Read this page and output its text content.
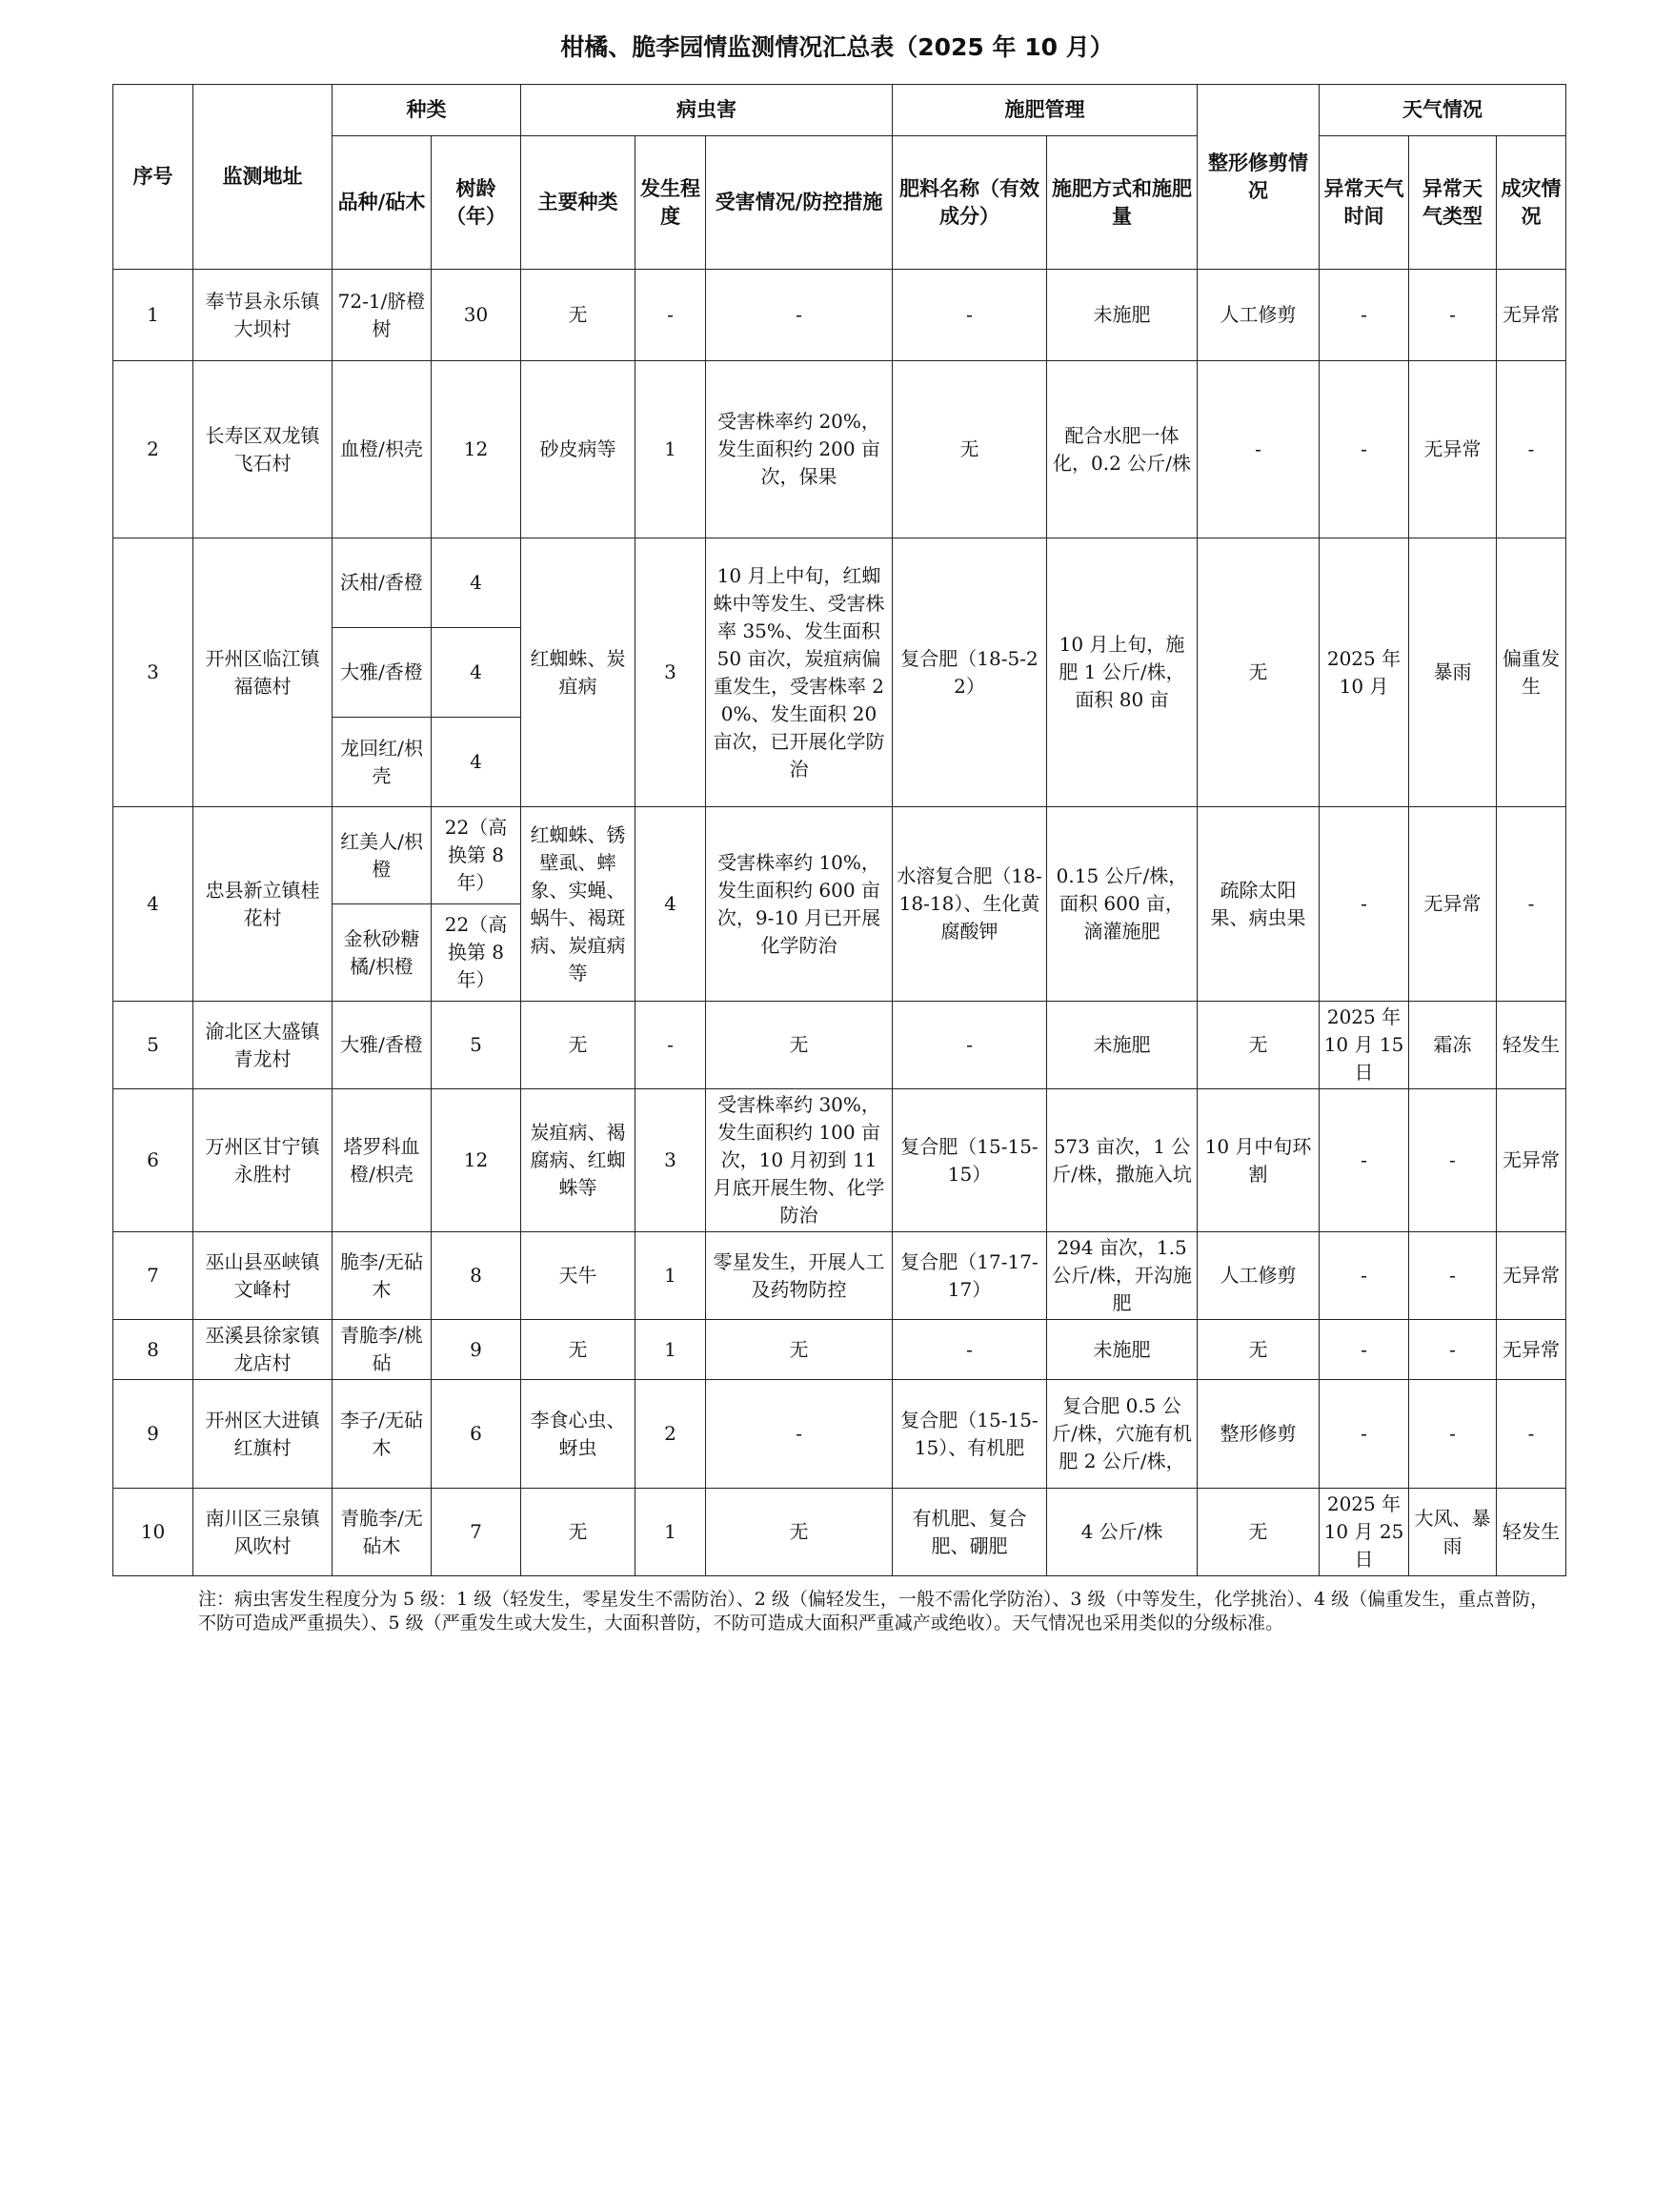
柑橘、脆李园情监测情况汇总表（2025 年 10 月）
序号	监测地址	种类		病虫害			施肥管理		整形修剪情况	天气情况		
		品种/砧木	树龄（年）	主要种类	发生程度	受害情况/防控措施	肥料名称（有效成分）	施肥方式和施肥量		异常天气时间	异常天气类型	成灾情况
1	奉节县永乐镇大坝村	72-1/脐橙树	30	无	-	-	-	未施肥	人工修剪	-	-	无异常
2	长寿区双龙镇飞石村	血橙/枳壳	12	砂皮病等	1	受害株率约 20%，发生面积约 200 亩次，保果	无	配合水肥一体化，0.2 公斤/株	-	-	无异常	-
3	开州区临江镇福德村	沃柑/香橙	4	红蜘蛛、炭疽病	3	10 月上中旬，红蜘蛛中等发生、受害株率 35%、发生面积 50 亩次，炭疽病偏重发生，受害株率 20%、发生面积 20 亩次，已开展化学防治	复合肥（18-5-22）	10 月上旬，施肥 1 公斤/株，面积 80 亩	无	2025 年 10 月	暴雨	偏重发生
		大雅/香橙	4									
		龙回红/枳壳	4									
4	忠县新立镇桂花村	红美人/枳橙	22（高换第 8 年）	红蜘蛛、锈壁虱、蟀象、实蝇、蜗牛、褐斑病、炭疽病等	4	受害株率约 10%，发生面积约 600 亩次，9-10 月已开展化学防治	水溶复合肥（18-18-18）、生化黄腐酸钾	0.15 公斤/株，面积 600 亩，滴灌施肥	疏除太阳果、病虫果	-	无异常	-
		金秋砂糖橘/枳橙	22（高换第 8 年）									
5	渝北区大盛镇青龙村	大雅/香橙	5	无	-	无	-	未施肥	无	2025 年 10 月 15 日	霜冻	轻发生
6	万州区甘宁镇永胜村	塔罗科血橙/枳壳	12	炭疽病、褐腐病、红蜘蛛等	3	受害株率约 30%，发生面积约 100 亩次，10 月初到 11 月底开展生物、化学防治	复合肥（15-15-15）	573 亩次，1 公斤/株，撒施入坑	10 月中旬环割	-	-	无异常
7	巫山县巫峡镇文峰村	脆李/无砧木	8	天牛	1	零星发生，开展人工及药物防控	复合肥（17-17-17）	294 亩次，1.5 公斤/株，开沟施肥	人工修剪	-	-	无异常
8	巫溪县徐家镇龙店村	青脆李/桃砧	9	无	1	无	-	未施肥	无	-	-	无异常
9	开州区大进镇红旗村	李子/无砧木	6	李食心虫、蚜虫	2	-	复合肥（15-15-15）、有机肥	复合肥 0.5 公斤/株，穴施有机肥 2 公斤/株，	整形修剪	-	-	-
10	南川区三泉镇风吹村	青脆李/无砧木	7	无	1	无	有机肥、复合肥、硼肥	4 公斤/株	无	2025 年 10 月 25 日	大风、暴雨	轻发生
注：病虫害发生程度分为 5 级：1 级（轻发生，零星发生不需防治）、2 级（偏轻发生，一般不需化学防治）、3 级（中等发生，化学挑治）、4 级（偏重发生，重点普防，不防可造成严重损失）、5 级（严重发生或大发生，大面积普防，不防可造成大面积严重减产或绝收）。天气情况也采用类似的分级标准。
